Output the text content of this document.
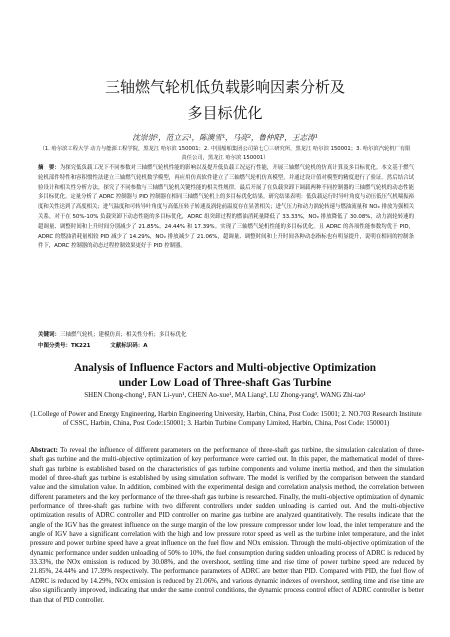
三轴燃气轮机低负载影响因素分析及
多目标优化
沈崇崇¹，范立云¹，陈澳雪¹，马亮²，鲁仲阳³，王志涛¹
（1. 哈尔滨工程大学 动力与能源工程学院，黑龙江 哈尔滨 150001；2. 中国船舶集团公司第七〇三研究所，黑龙江 哈尔滨 150001；3. 哈尔滨汽轮机厂有限责任公司，黑龙江 哈尔滨 150001）
摘　要：为探究低负载工况下不同参数对三轴燃气轮机性能的影响以及提升低负载工况运行性能，开展三轴燃气轮机的仿真计算及多目标优化。本文基于燃气轮机部件特性和容积惯性法建立三轴燃气轮机数学模型，再应用仿真软件建立了三轴燃气轮机仿真模型，并通过设计值对模型的精度进行了验证。然后结合试验设计和相关性分析方法，探究了不同参数与三轴燃气轮机关键性能的相关性规律。最后开展了在负载突卸下调载两种不同控制器的三轴燃气轮机的动态性能多目标优化。定量分析了 ADRC 控制器与 PID 控制器在相同三轴燃气轮机上的多目标优化结果。研究结果表明：低负载运行时导叶角度与动压低压气机喘振裕度和关性达到了高度相关；进气温度和可转导叶角度与高低压转子转速及涡轮前温度存在显著相关；进气压力和动力涡轮转速与燃油流量和 NOₓ 排放为强相关关系。对于在 50%-10% 负载突卸下动态性能的多目标优化，ADRC 组突卸过程的燃油消耗量降低了 33.33%，NOₓ 排放降低了 30.08%，动力涡轮转速的超调量、调整时间和上升时间分别减少了 21.85%、24.44% 和 17.39%。实现了三轴燃气轮机性能的多目标优化。且 ADRC 的各项性能参数均优于 PID，ADRC 的燃油消耗量相较 PID 减少了 14.29%，NOₓ 排放减少了 21.06%，超调量、调整时间和上升时间各种动态指标也有明显提升，说明在相同的控制条件下，ADRC 控制器的动态过程控制效果更好于 PID 控制器。
关键词：三轴燃气轮机；建模仿真；相关性分析；多目标优化
中图分类号：TK221	文献标识码：A
Analysis of Influence Factors and Multi-objective Optimization
under Low Load of Three-shaft Gas Turbine
SHEN Chong-chong¹, FAN Li-yun¹, CHEN Ao-xue¹, MA Liang², LU Zhong-yang³, WANG Zhi-tao¹
(1.College of Power and Energy Engineering, Harbin Engineering University, Harbin, China, Post Code: 15001; 2. NO.703 Research Institute of CSSC, Harbin, China, Post Code:150001; 3. Harbin Turbine Company Limited, Harbin, China, Post Code: 150001)
Abstract: To reveal the influence of different parameters on the performance of three-shaft gas turbine, the simulation calculation of three-shaft gas turbine and the multi-objective optimization of key performance were carried out. In this paper, the mathematical model of three-shaft gas turbine is established based on the characteristics of gas turbine components and volume inertia method, and then the simulation model of three-shaft gas turbine is established by using simulation software. The model is verified by the comparison between the standard value and the simulation value. In addition, combined with the experimental design and correlation analysis method, the correlation between different parameters and the key performance of the three-shaft gas turbine is researched. Finally, the multi-objective optimization of dynamic performance of three-shaft gas turbine with two different controllers under sudden unloading is carried out. And the multi-objective optimization results of ADRC controller and PID controller on marine gas turbine are analyzed quantitatively. The results indicate that the angle of the IGV has the greatest influence on the surge margin of the low pressure compressor under low load, the inlet temperature and the angle of IGV have a significant correlation with the high and low pressure rotor speed as well as the turbine inlet temperature, and the inlet pressure and power turbine speed have a great influence on the fuel flow and NOx emission. Through the multi-objective optimization of the dynamic performance under sudden unloading of 50% to 10%, the fuel consumption during sudden unloading process of ADRC is reduced by 33.33%, the NOx emission is reduced by 30.08%, and the overshoot, settling time and rise time of power turbine speed are reduced by 21.85%, 24.44% and 17.39% respectively. The performance parameters of ADRC are better than PID. Compared with PID, the fuel flow of ADRC is reduced by 14.29%, NOx emission is reduced by 21.06%, and various dynamic indexes of overshoot, settling time and rise time are also significantly improved, indicating that under the same control conditions, the dynamic process control effect of ADRC controller is better than that of PID controller.
